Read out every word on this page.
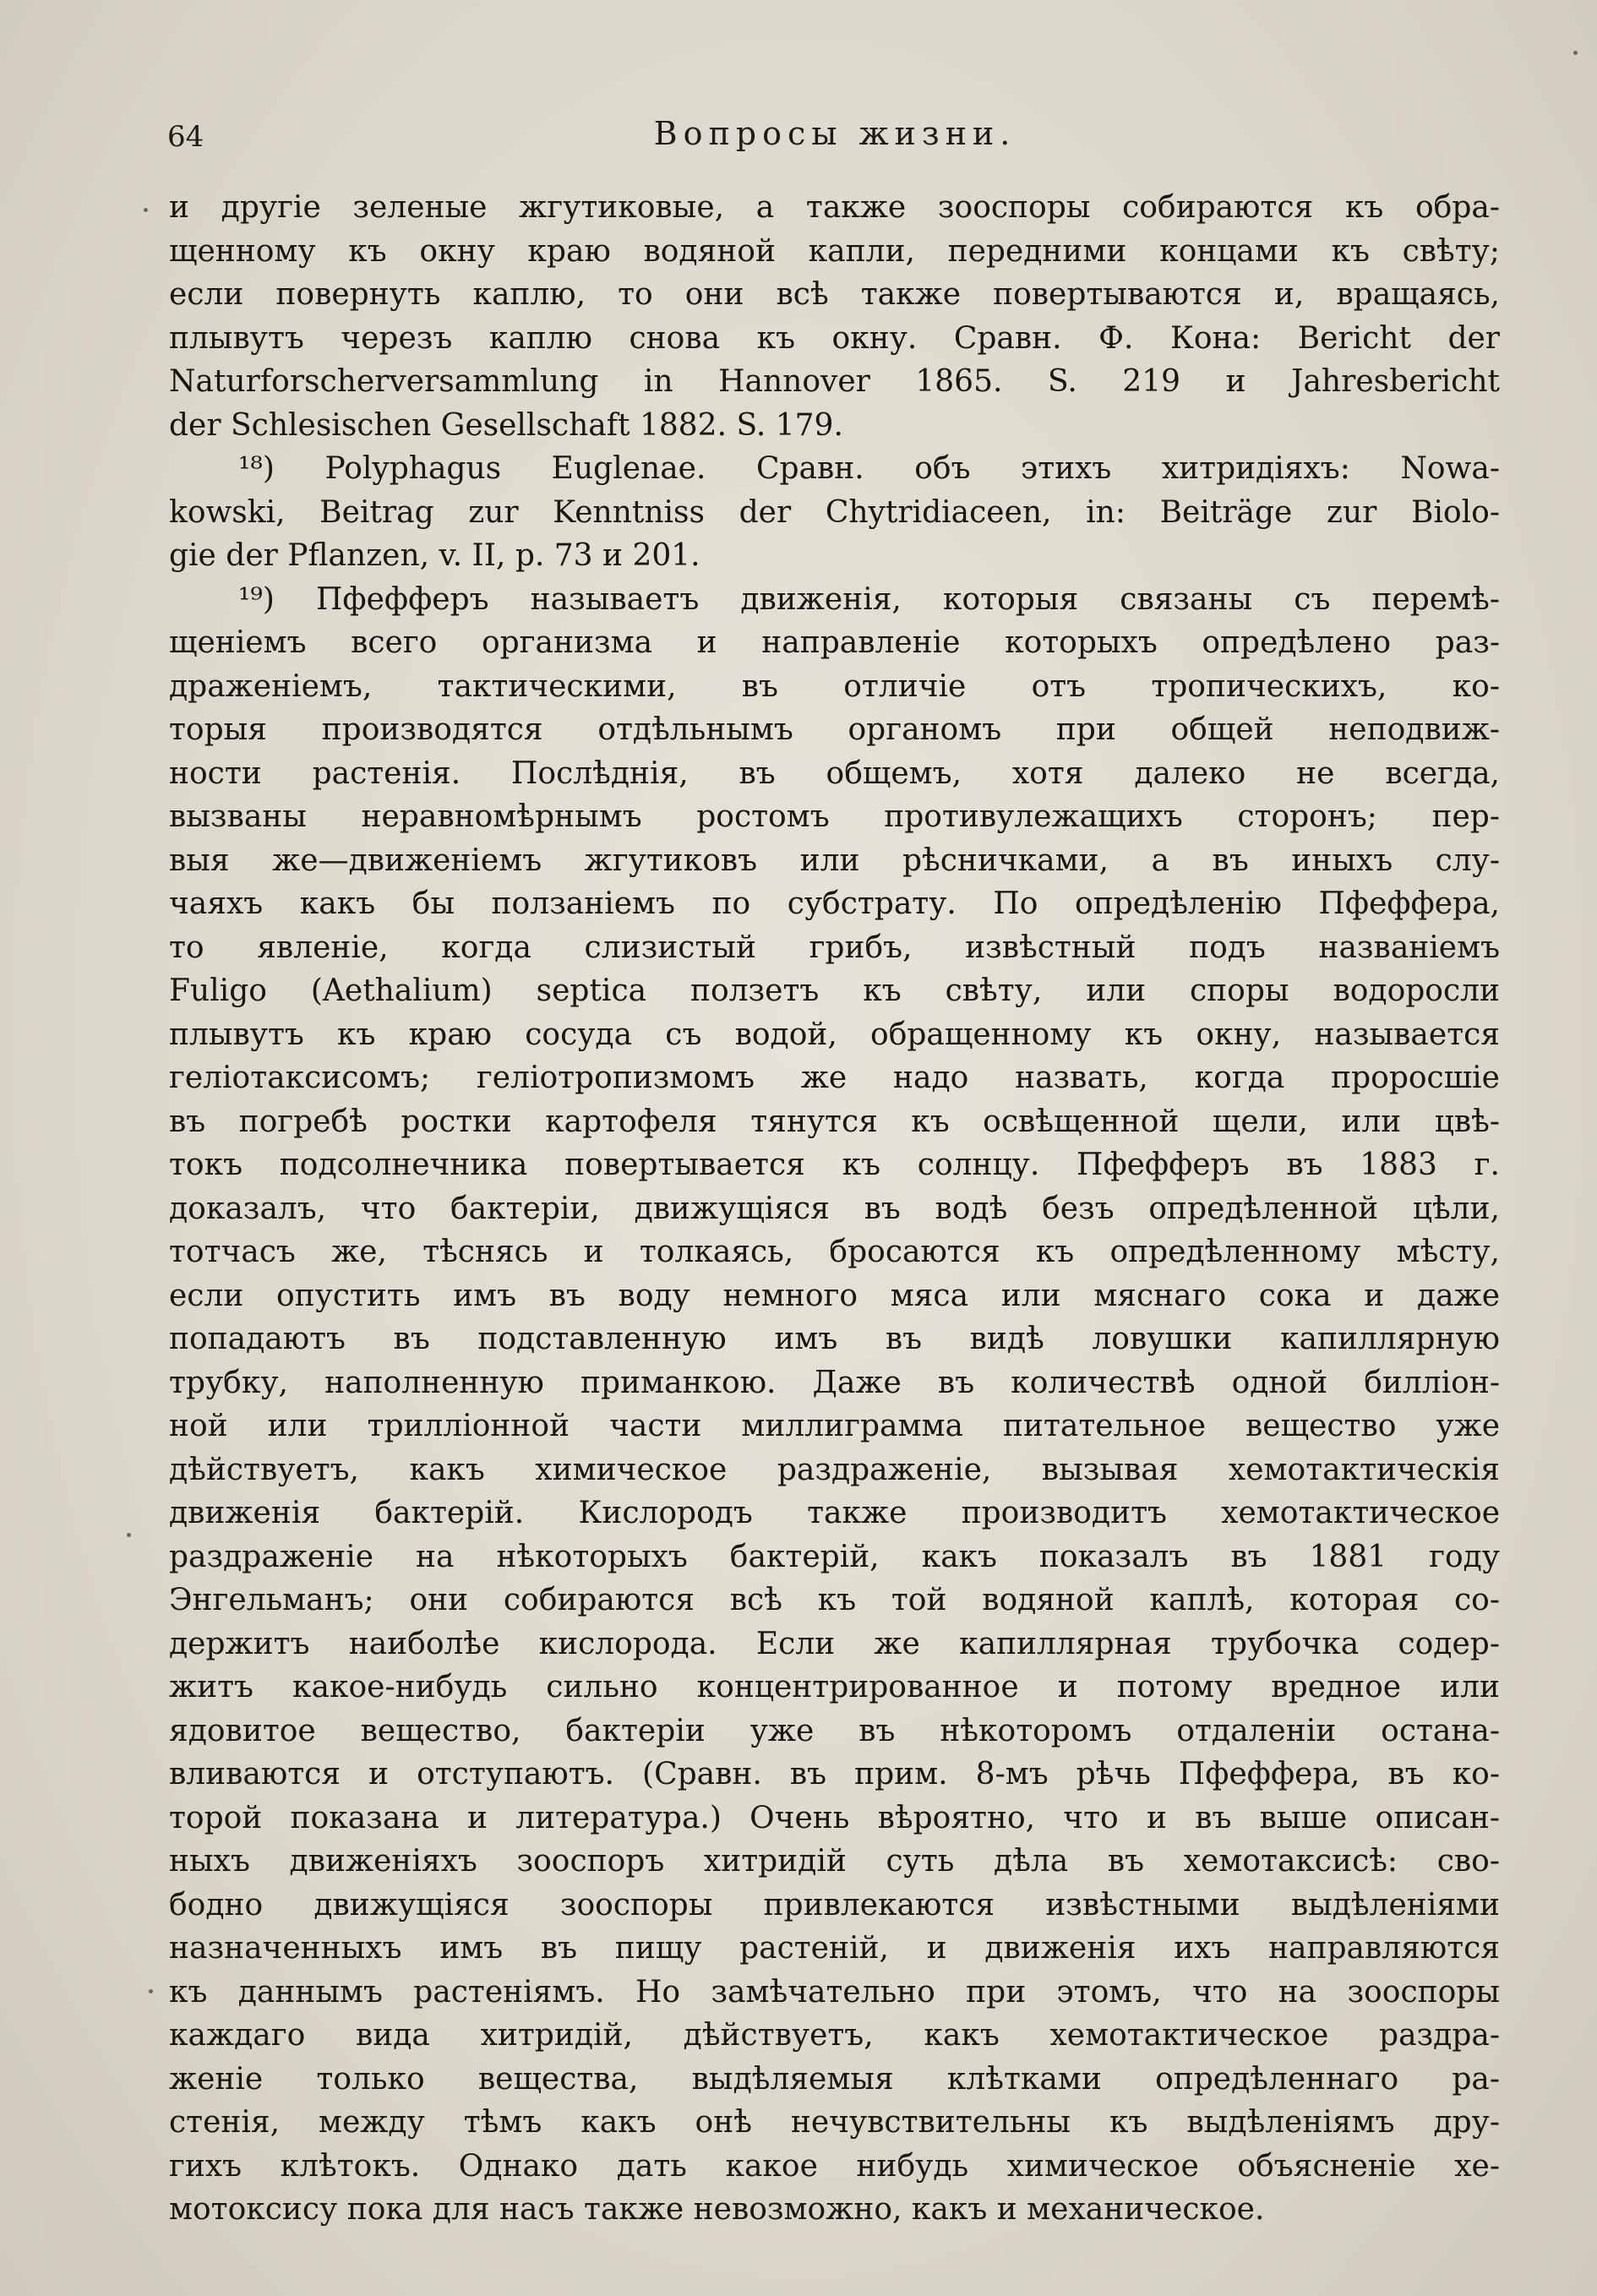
64	Вопросы жизни.
и другіе зеленые жгутиковые, а также зооспоры собираются къ обра-
щенному къ окну краю водяной капли, передними концами къ свѣту;
если повернуть каплю, то они всѣ также повертываются и, вращаясь,
плывутъ черезъ каплю снова къ окну. Сравн. Ф. Кона: Bericht der
Naturforscherversammlung in Hannover 1865. S. 219 и Jahresbericht
der Schlesischen Gesellschaft 1882. S. 179.
¹⁸) Polyphagus Euglenae. Сравн. объ этихъ хитридіяхъ: Nowa-
kowski, Beitrag zur Kenntniss der Chytridiaceen, in: Beiträge zur Biolo-
gie der Pflanzen, v. II, p. 73 и 201.
¹⁹) Пфефферъ называетъ движенія, которыя связаны съ перемѣ-
щеніемъ всего организма и направленіе которыхъ опредѣлено раз-
драженіемъ, тактическими, въ отличіе отъ тропическихъ, ко-
торыя производятся отдѣльнымъ органомъ при общей неподвиж-
ности растенія. Послѣднія, въ общемъ, хотя далеко не всегда,
вызваны неравномѣрнымъ ростомъ противулежащихъ сторонъ; пер-
выя же—движеніемъ жгутиковъ или рѣсничками, а въ иныхъ слу-
чаяхъ какъ бы ползаніемъ по субстрату. По опредѣленію Пфеффера,
то явленіе, когда слизистый грибъ, извѣстный подъ названіемъ
Fuligo (Aethalium) septica ползетъ къ свѣту, или споры водоросли
плывутъ къ краю сосуда съ водой, обращенному къ окну, называется
геліотаксисомъ; геліотропизмомъ же надо назвать, когда проросшіе
въ погребѣ ростки картофеля тянутся къ освѣщенной щели, или цвѣ-
токъ подсолнечника повертывается къ солнцу. Пфефферъ въ 1883 г.
доказалъ, что бактеріи, движущіяся въ водѣ безъ опредѣленной цѣли,
тотчасъ же, тѣснясь и толкаясь, бросаются къ опредѣленному мѣсту,
если опустить имъ въ воду немного мяса или мяснаго сока и даже
попадаютъ въ подставленную имъ въ видѣ ловушки капиллярную
трубку, наполненную приманкою. Даже въ количествѣ одной билліон-
ной или трилліонной части миллиграмма питательное вещество уже
дѣйствуетъ, какъ химическое раздраженіе, вызывая хемотактическія
движенія бактерій. Кислородъ также производитъ хемотактическое
раздраженіе на нѣкоторыхъ бактерій, какъ показалъ въ 1881 году
Энгельманъ; они собираются всѣ къ той водяной каплѣ, которая со-
держитъ наиболѣе кислорода. Если же капиллярная трубочка содер-
житъ какое-нибудь сильно концентрированное и потому вредное или
ядовитое вещество, бактеріи уже въ нѣкоторомъ отдаленіи остана-
вливаются и отступаютъ. (Сравн. въ прим. 8-мъ рѣчь Пфеффера, въ ко-
торой показана и литература.) Очень вѣроятно, что и въ выше описан-
ныхъ движеніяхъ зооспоръ хитридій суть дѣла въ хемотаксисѣ: сво-
бодно движущіяся зооспоры привлекаются извѣстными выдѣленіями
назначенныхъ имъ въ пищу растеній, и движенія ихъ направляются
къ даннымъ растеніямъ. Но замѣчательно при этомъ, что на зооспоры
каждаго вида хитридій, дѣйствуетъ, какъ хемотактическое раздра-
женіе только вещества, выдѣляемыя клѣтками опредѣленнаго ра-
стенія, между тѣмъ какъ онѣ нечувствительны къ выдѣленіямъ дру-
гихъ клѣтокъ. Однако дать какое нибудь химическое объясненіе хе-
мотоксису пока для насъ также невозможно, какъ и механическое.
